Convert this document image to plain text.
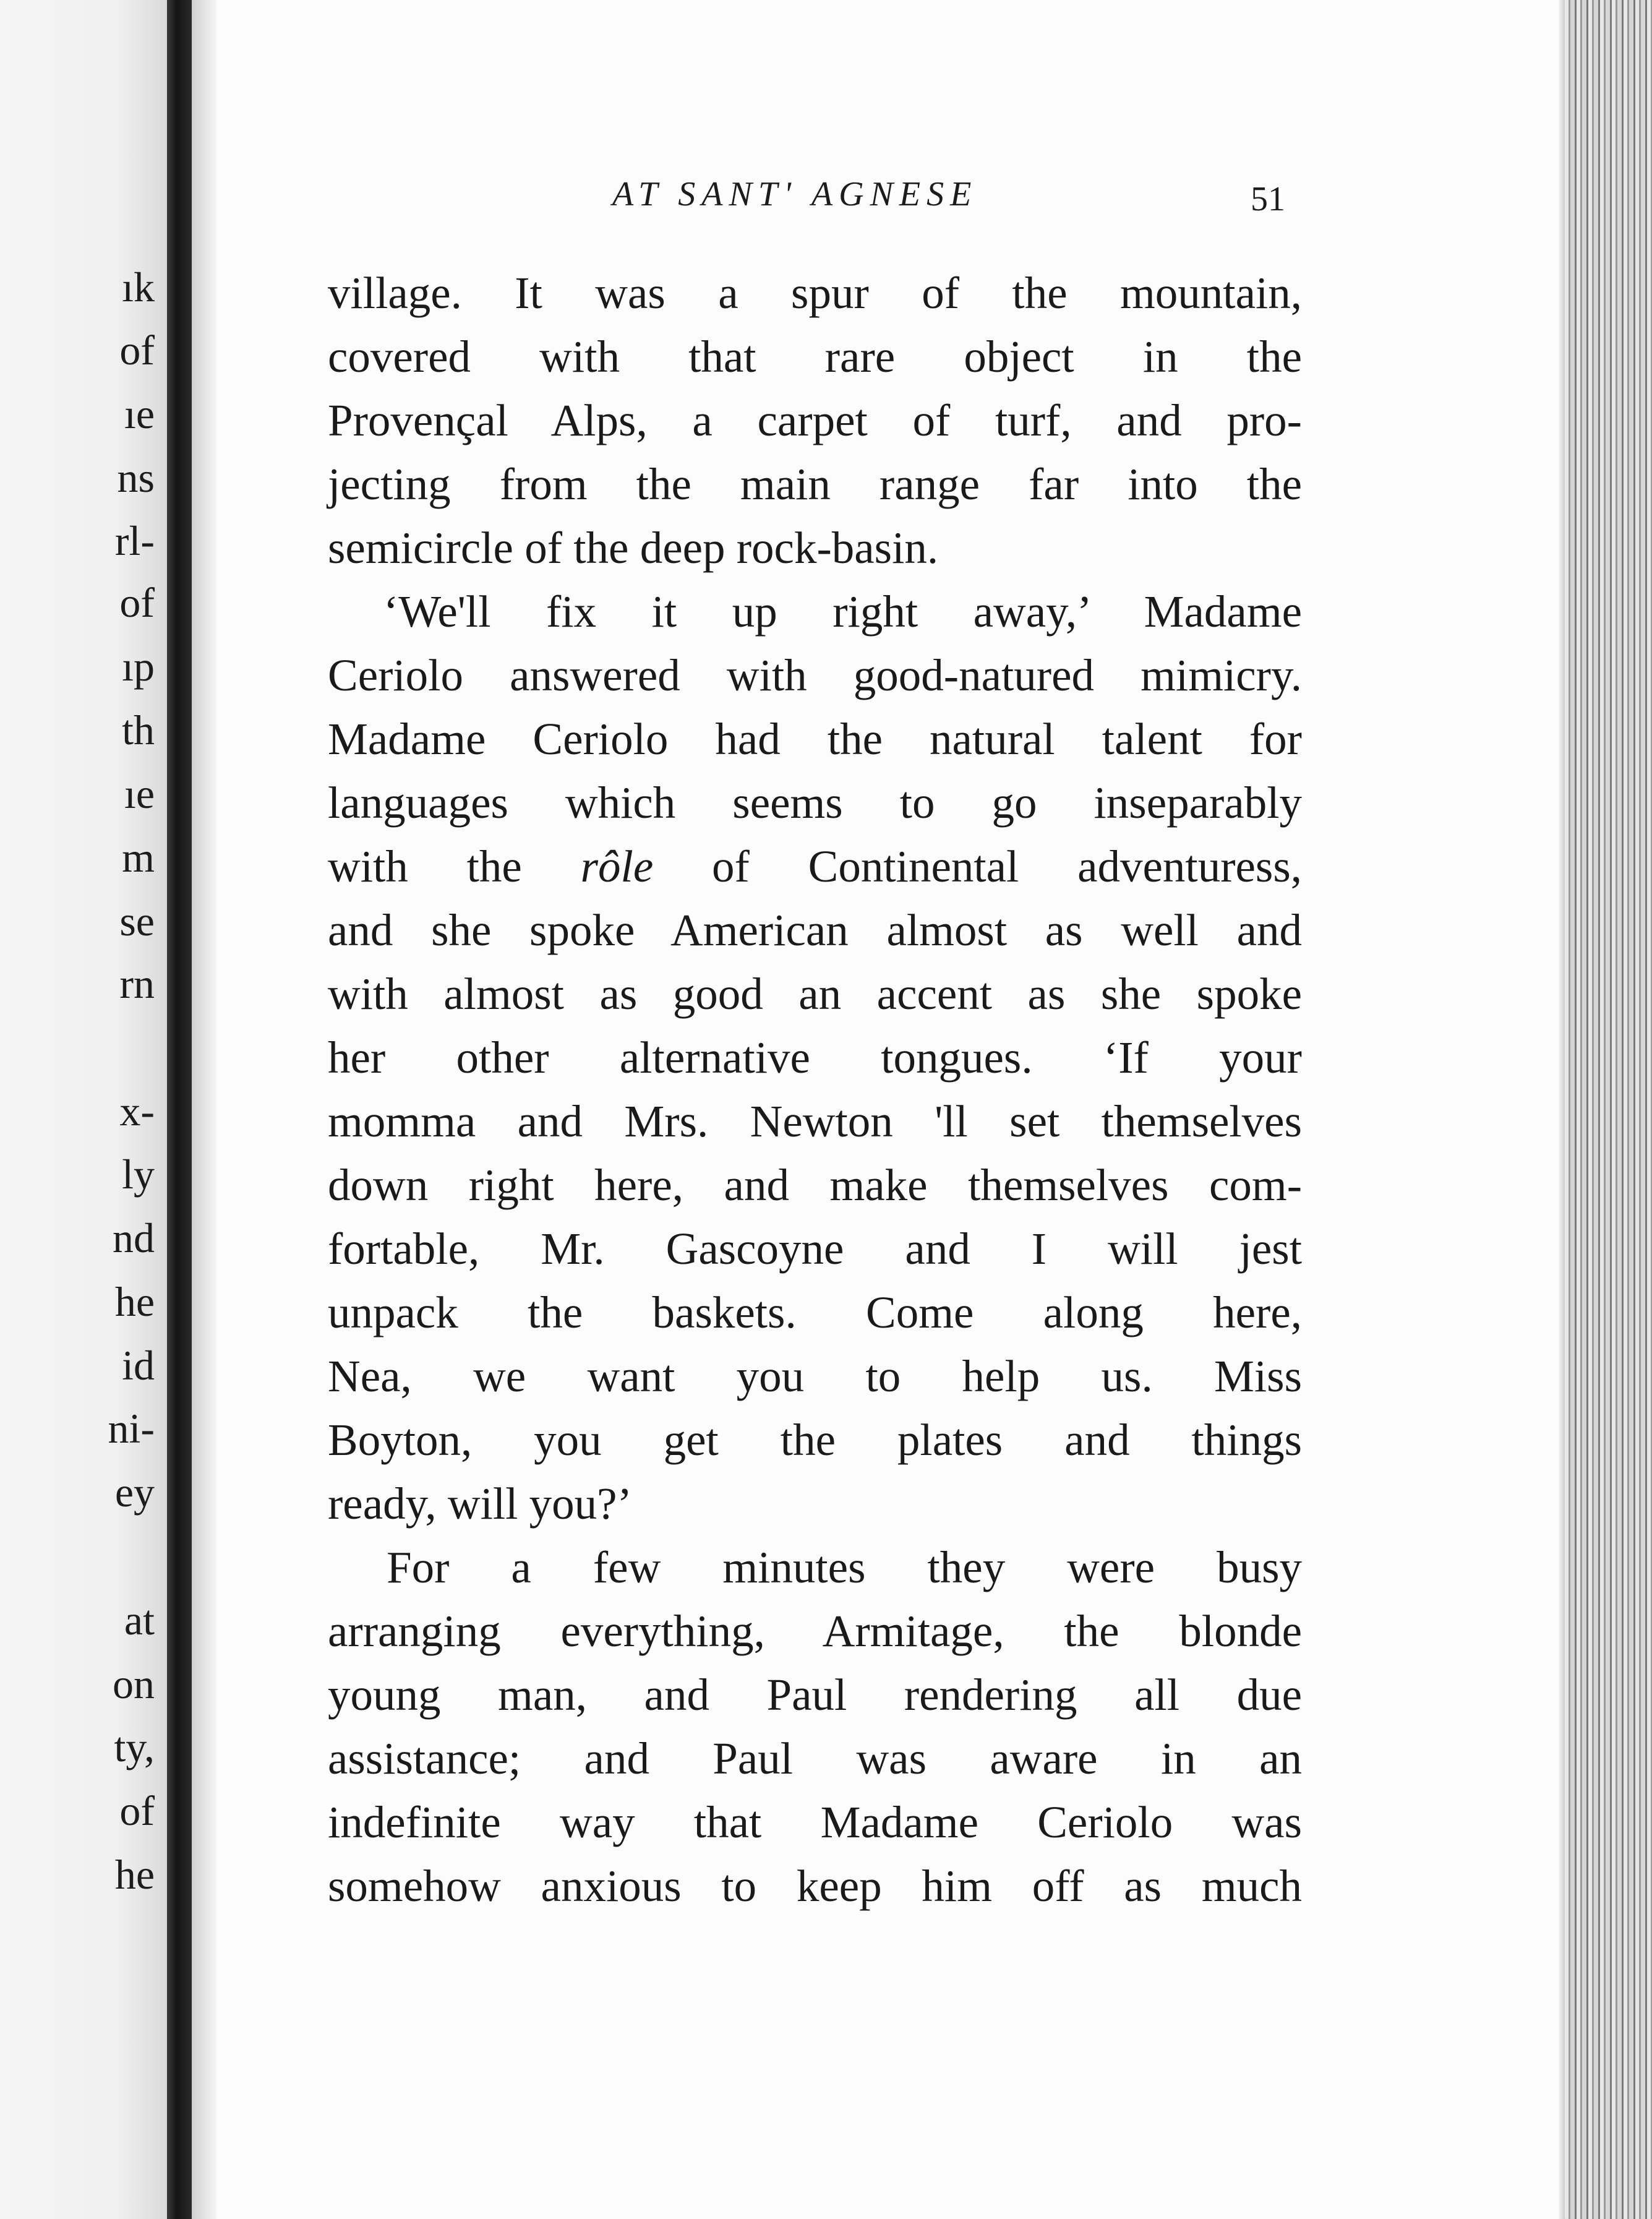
ık
of
ıe
ns
rl-
of
ıp
th
ıe
m
se
rn
x-
ly
nd
he
id
ni-
ey
at
on
ty,
of
he
AT SANT' AGNESE	51
village. It was a spur of the mountain,
covered with that rare object in the
Provençal Alps, a carpet of turf, and pro-
jecting from the main range far into the
semicircle of the deep rock-basin.
‘We'll fix it up right away,’ Madame
Ceriolo answered with good-natured mimicry.
Madame Ceriolo had the natural talent for
languages which seems to go inseparably
with the rôle of Continental adventuress,
and she spoke American almost as well and
with almost as good an accent as she spoke
her other alternative tongues. ‘If your
momma and Mrs. Newton 'll set themselves
down right here, and make themselves com-
fortable, Mr. Gascoyne and I will jest
unpack the baskets. Come along here,
Nea, we want you to help us. Miss
Boyton, you get the plates and things
ready, will you?’
For a few minutes they were busy
arranging everything, Armitage, the blonde
young man, and Paul rendering all due
assistance; and Paul was aware in an
indefinite way that Madame Ceriolo was
somehow anxious to keep him off as much
